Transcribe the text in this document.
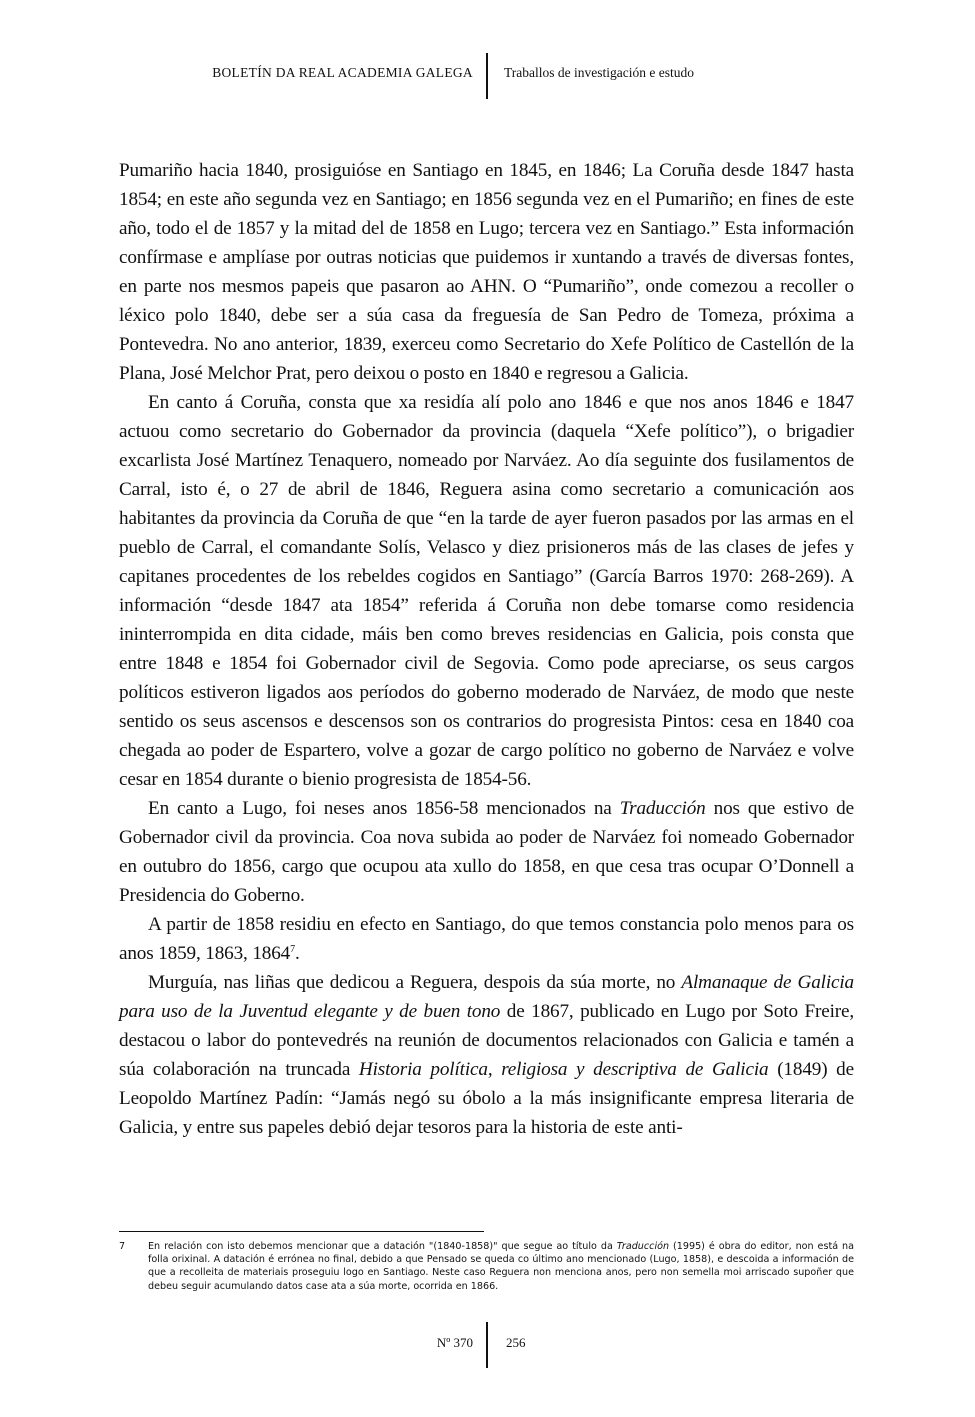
BOLETÍN DA REAL ACADEMIA GALEGA Traballos de investigación e estudo

Pumariño hacia 1840, prosiguióse en Santiago en 1845, en 1846; La Coruña desde 1847 hasta 1854; en este año segunda vez en Santiago; en 1856 segunda vez en el Pumariño; en fines de este año, todo el de 1857 y la mitad del de 1858 en Lugo; tercera vez en Santiago.” Esta información confírmase e amplíase por outras noticias que puidemos ir xuntando a través de diversas fontes, en parte nos mesmos papeis que pasaron ao AHN. O “Pumariño”, onde comezou a recoller o léxico polo 1840, debe ser a súa casa da freguesía de San Pedro de Tomeza, próxima a Pontevedra. No ano anterior, 1839, exerceu como Secretario do Xefe Político de Castellón de la Plana, José Melchor Prat, pero deixou o posto en 1840 e regresou a Galicia.

En canto á Coruña, consta que xa residía alí polo ano 1846 e que nos anos 1846 e 1847 actuou como secretario do Gobernador da provincia (daquela “Xefe político”), o brigadier excarlista José Martínez Tenaquero, nomeado por Narváez. Ao día seguinte dos fusilamentos de Carral, isto é, o 27 de abril de 1846, Reguera asina como secretario a comunicación aos habitantes da provincia da Coruña de que “en la tarde de ayer fueron pasados por las armas en el pueblo de Carral, el comandante Solís, Velasco y diez prisioneros más de las clases de jefes y capitanes procedentes de los rebeldes cogidos en Santiago” (García Barros 1970: 268-269). A información “desde 1847 ata 1854” referida á Coruña non debe tomarse como residencia ininterrompida en dita cidade, máis ben como breves residencias en Galicia, pois consta que entre 1848 e 1854 foi Gobernador civil de Segovia. Como pode apreciarse, os seus cargos políticos estiveron ligados aos períodos do goberno moderado de Narváez, de modo que neste sentido os seus ascensos e descensos son os contrarios do progresista Pintos: cesa en 1840 coa chegada ao poder de Espartero, volve a gozar de cargo político no goberno de Narváez e volve cesar en 1854 durante o bienio progresista de 1854-56.

En canto a Lugo, foi neses anos 1856-58 mencionados na Traducción nos que estivo de Gobernador civil da provincia. Coa nova subida ao poder de Narváez foi nomeado Gobernador en outubro do 1856, cargo que ocupou ata xullo do 1858, en que cesa tras ocupar O’Donnell a Presidencia do Goberno.

A partir de 1858 residiu en efecto en Santiago, do que temos constancia polo menos para os anos 1859, 1863, 1864$^7$.

Murguía, nas liñas que dedicou a Reguera, despois da súa morte, no Almanaque de Galicia para uso de la Juventud elegante y de buen tono de 1867, publicado en Lugo por Soto Freire, destacou o labor do pontevedrés na reunión de documentos relacionados con Galicia e tamén a súa colaboración na truncada Historia política, religiosa y descriptiva de Galicia (1849) de Leopoldo Martínez Padín: “Jamás negó su óbolo a la más insignificante empresa literaria de Galicia, y entre sus papeles debió dejar tesoros para la historia de este anti-

7 En relación con isto debemos mencionar que a datación "(1840-1858)" que segue ao título da Traducción (1995) é obra do editor, non está na folla orixinal. A datación é errónea no final, debido a que Pensado se queda co último ano mencionado (Lugo, 1858), e descoida a información de que a recolleita de materiais proseguiu logo en Santiago. Neste caso Reguera non menciona anos, pero non semella moi arriscado supoñer que debeu seguir acumulando datos case ata a súa morte, ocorrida en 1866.
Nº 370	256
